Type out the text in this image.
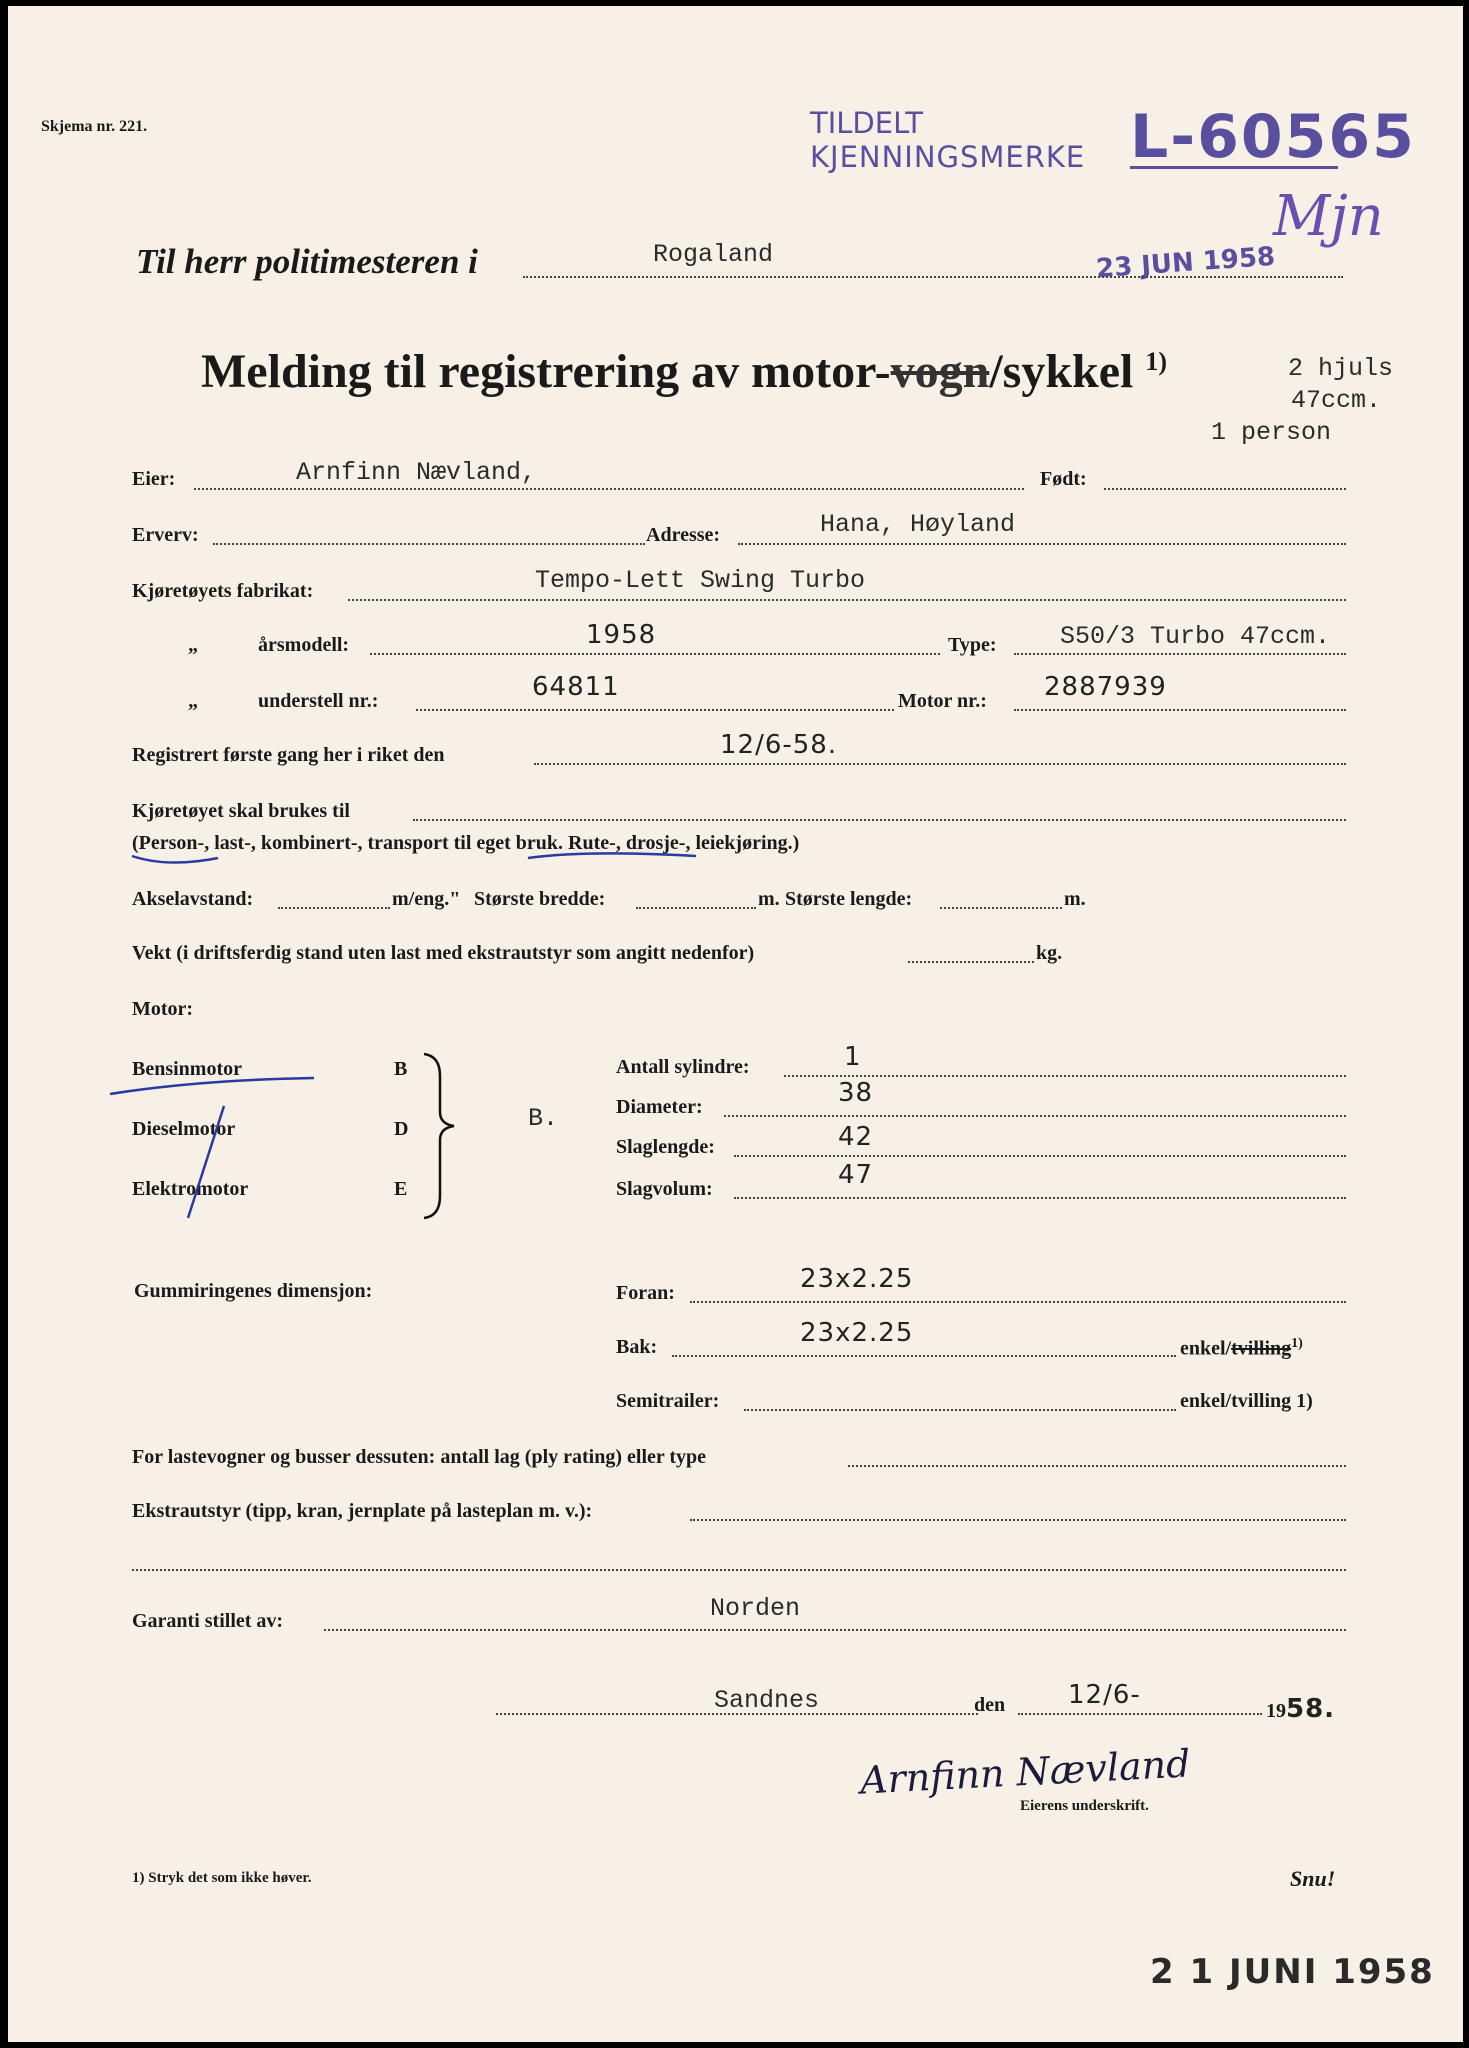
Skjema nr. 221.	TILDELT
KJENNINGSMERKE L-60565
Mjn
23 JUN 1958
Til herr politimesteren i	Rogaland
Melding til registrering av motor-vogn/sykkel $^{1)}$	2 hjuls
47ccm.
1 person
Eier:	Arnfinn Nævland,	Født:
Erverv:	Adresse:	Hana, Høyland
Kjøretøyets fabrikat:	Tempo-Lett Swing Turbo
„	årsmodell:	1958	Type:	S50/3 Turbo 47ccm.
„	understell nr.:	64811	Motor nr.: 2887939
Registrert første gang her i riket den	12/6-58.
Kjøretøyet skal brukes til
(Person-, last-, kombinert-, transport til eget bruk. Rute-, drosje-, leiekjøring.)
Akselavstand:	m/eng." Største bredde:	m. Største lengde:	m.
Vekt (i driftsferdig stand uten last med ekstrautstyr som angitt nedenfor)	kg.
Motor:
Bensinmotor	B
Dieselmotor	D
Elektromotor	E
B.
Antall sylindre:	1
Diameter:	38
Slaglengde:	42
Slagvolum:	47
Gummiringenes dimensjon:	Foran:	23x2.25
Bak:	23x2.25
enkel/tvilling$^{1)}$
Semitrailer:	enkel/tvilling 1)
For lastevogner og busser dessuten: antall lag (ply rating) eller type
Ekstrautstyr (tipp, kran, jernplate på lasteplan m. v.):
Garanti stillet av:	Norden
Sandnes	den 12/6-
1958.
Arnfinn Nævland
Eierens underskrift.
1) Stryk det som ikke høver.	Snu!
2 1 JUNI 1958
